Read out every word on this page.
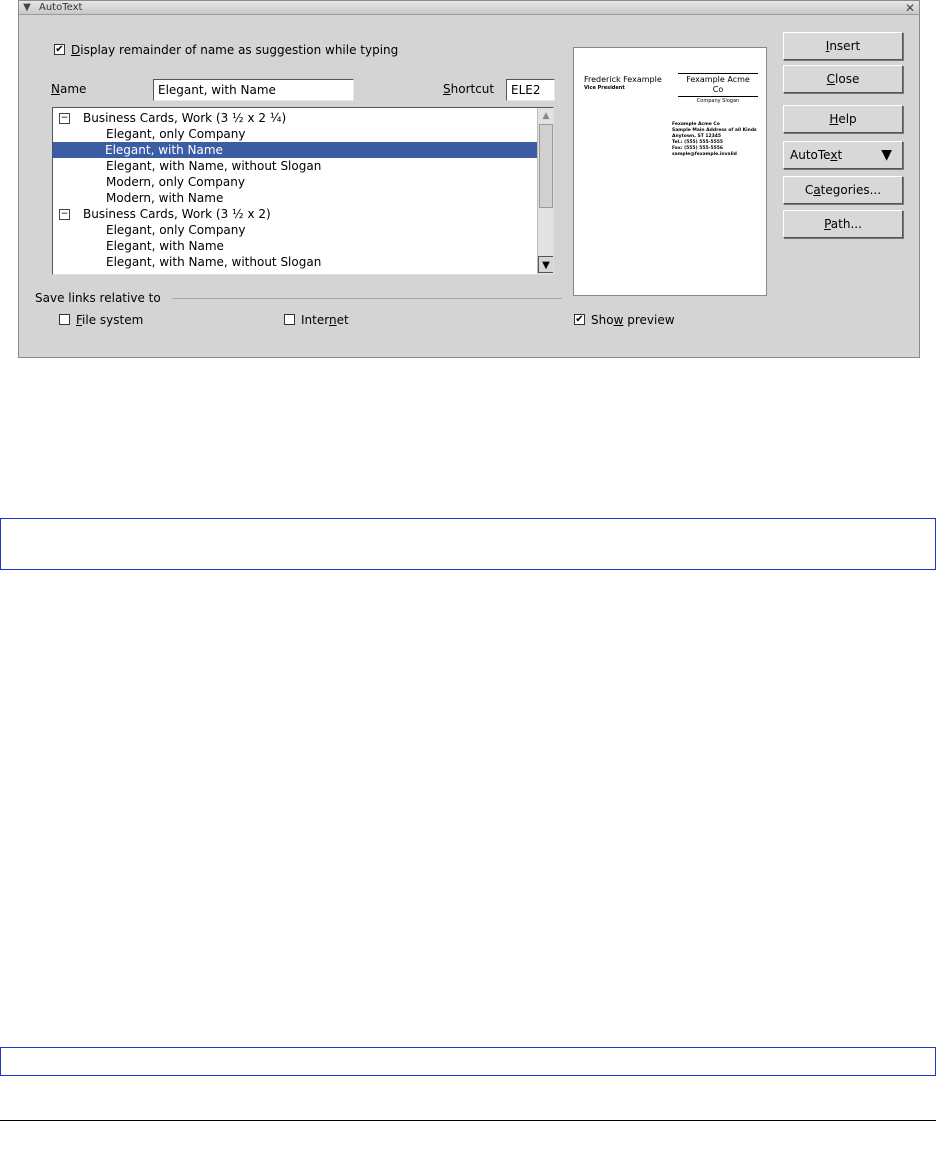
▼ AutoText	✕
✔ Display remainder of name as suggestion while typing
Name	Elegant, with Name	Shortcut	ELE2
− Business Cards, Work (3 ½ x 2 ¼)
Elegant, only Company
Elegant, with Name
Elegant, with Name, without Slogan
Modern, only Company
Modern, with Name
− Business Cards, Work (3 ½ x 2)
Elegant, only Company
Elegant, with Name
Elegant, with Name, without Slogan
▲
▼
Save links relative to
File system	Internet	✔ Show preview
Frederick Fexample
Vice President
Fexample Acme
Co
Company Slogan
Fexample Acme Co
Sample Main Address of all Kinds
Anytown, ST 12345
Tel.: (555) 555-5555
Fax: (555) 555-5556
sample@fexample.invalid
Insert
Close
Help
AutoText	▼
Categories...
Path...
